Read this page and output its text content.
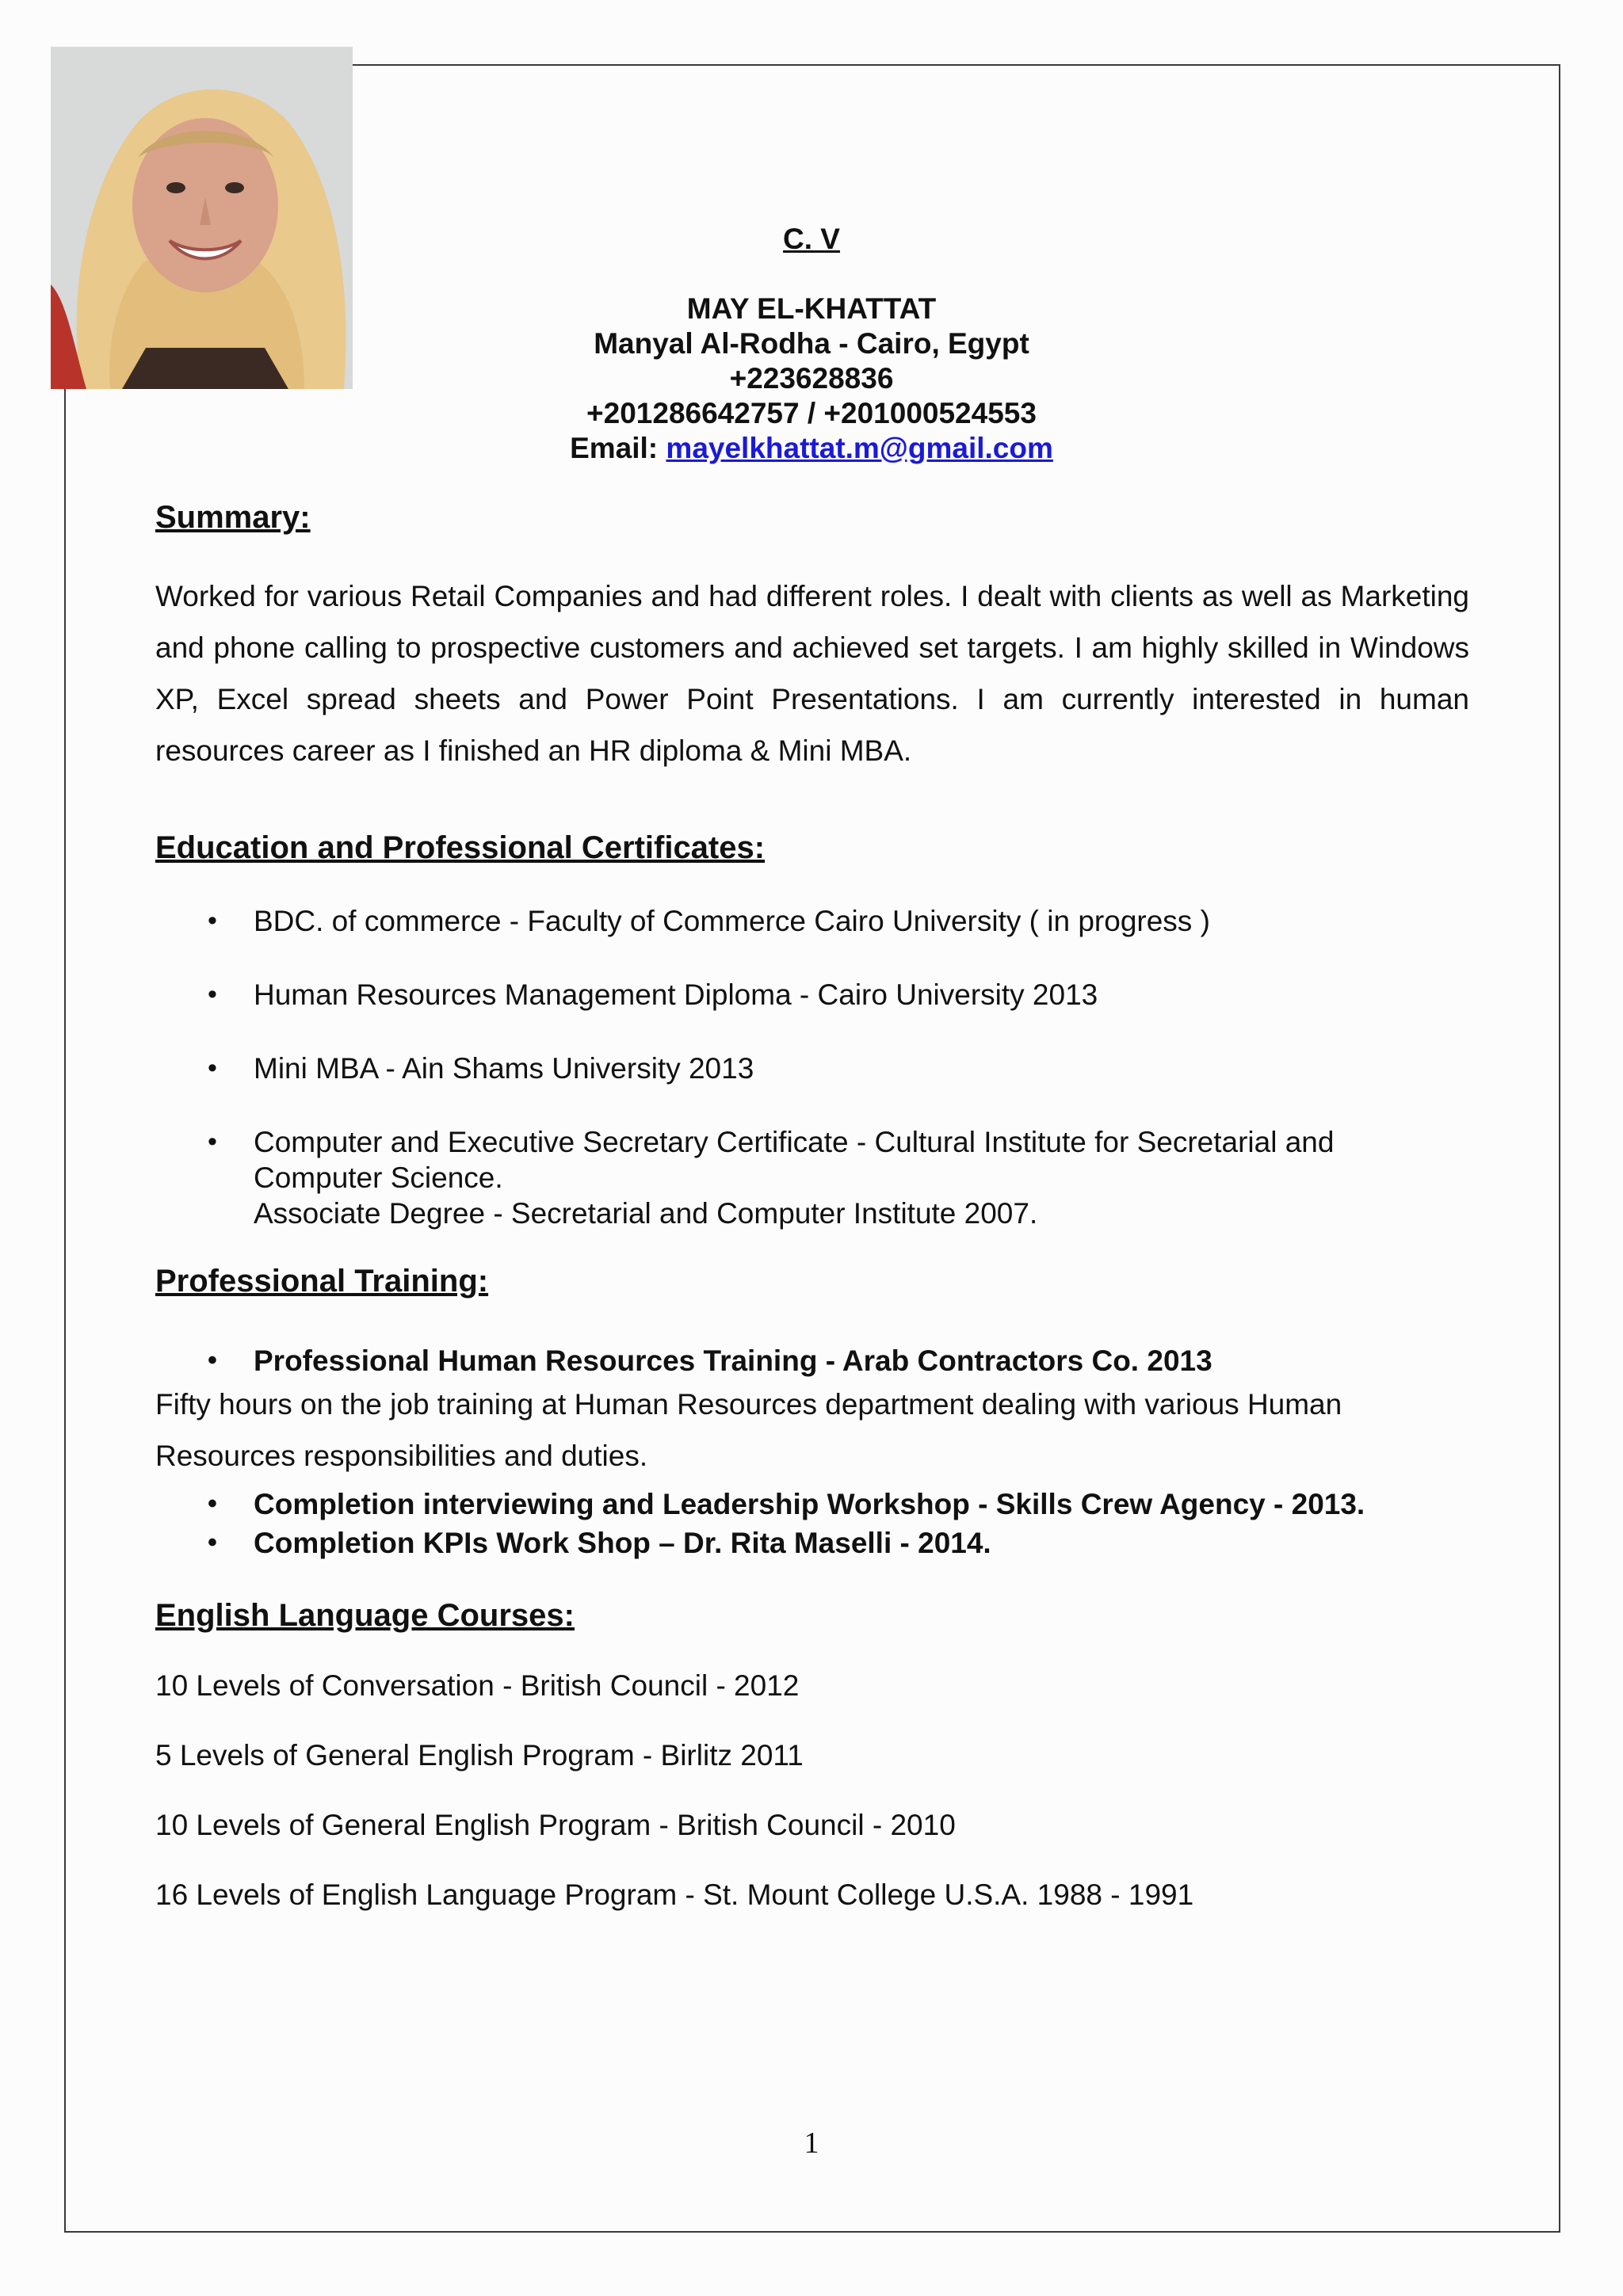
C. V
MAY EL-KHATTAT
Manyal Al-Rodha - Cairo, Egypt
+223628836
+201286642757 / +201000524553
Email: mayelkhattat.m@gmail.com
Summary:

Worked for various Retail Companies and had different roles. I dealt with clients as well as Marketing and phone calling to prospective customers and achieved set targets. I am highly skilled in Windows XP, Excel spread sheets and Power Point Presentations. I am currently interested in human resources career as I finished an HR diploma & Mini MBA.

Education and Professional Certificates:
• BDC. of commerce - Faculty of Commerce Cairo University ( in progress )
• Human Resources Management Diploma - Cairo University 2013
• Mini MBA - Ain Shams University 2013
• Computer and Executive Secretary Certificate - Cultural Institute for Secretarial and
Computer Science.
Associate Degree - Secretarial and Computer Institute 2007.
Professional Training:
• Professional Human Resources Training - Arab Contractors Co. 2013

Fifty hours on the job training at Human Resources department dealing with various Human Resources responsibilities and duties.

• Completion interviewing and Leadership Workshop - Skills Crew Agency - 2013.
• Completion KPIs Work Shop – Dr. Rita Maselli - 2014.
English Language Courses:
10 Levels of Conversation - British Council - 2012
5 Levels of General English Program - Birlitz 2011
10 Levels of General English Program - British Council - 2010
16 Levels of English Language Program - St. Mount College U.S.A. 1988 - 1991
1
